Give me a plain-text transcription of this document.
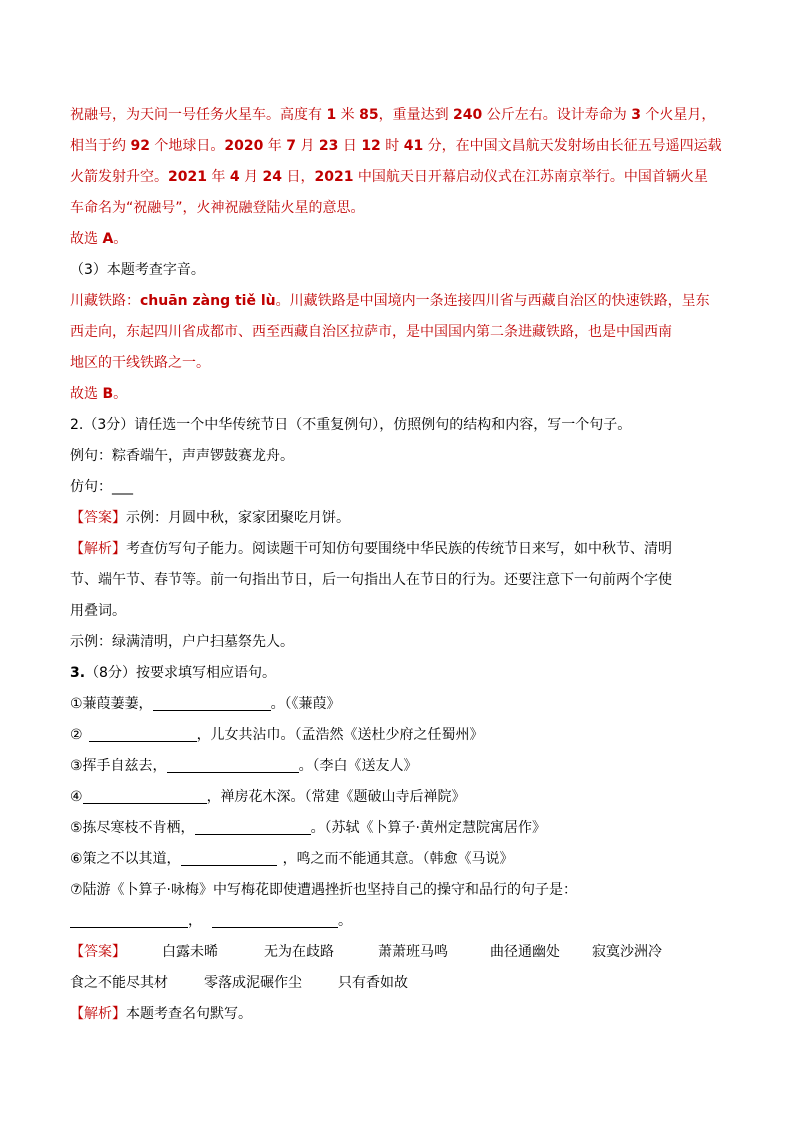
祝融号，为天问一号任务火星车。高度有 1 米 85，重量达到 240 公斤左右。设计寿命为 3 个火星月，
相当于约 92 个地球日。2020 年 7 月 23 日 12 时 41 分，在中国文昌航天发射场由长征五号遥四运载
火箭发射升空。2021 年 4 月 24 日，2021 中国航天日开幕启动仪式在江苏南京举行。中国首辆火星
车命名为“祝融号”，火神祝融登陆火星的意思。
故选 A。
（3）本题考查字音。
川藏铁路：chuān zàng tiě lù。川藏铁路是中国境内一条连接四川省与西藏自治区的快速铁路，呈东
西走向，东起四川省成都市、西至西藏自治区拉萨市，是中国国内第二条进藏铁路，也是中国西南
地区的干线铁路之一。
故选 B。
2.（3分）请任选一个中华传统节日（不重复例句），仿照例句的结构和内容，写一个句子。
例句：粽香端午，声声锣鼓赛龙舟。
仿句：___
【答案】示例：月圆中秋，家家团聚吃月饼。
【解析】考查仿写句子能力。阅读题干可知仿句要围绕中华民族的传统节日来写，如中秋节、清明
节、端午节、春节等。前一句指出节日，后一句指出人在节日的行为。还要注意下一句前两个字使
用叠词。
示例：绿满清明，户户扫墓祭先人。
3.（8分）按要求填写相应语句。
①蒹葭萋萋，	。（《蒹葭》
②	，儿女共沾巾。（孟浩然《送杜少府之任蜀州》
③挥手自兹去，	。（李白《送友人》
④	，禅房花木深。（常建《题破山寺后禅院》
⑤拣尽寒枝不肯栖，	。（苏轼《卜算子·黄州定慧院寓居作》
⑥策之不以其道，	，鸣之而不能通其意。（韩愈《马说》
⑦陆游《卜算子·咏梅》中写梅花即使遭遇挫折也坚持自己的操守和品行的句子是：
，	。
【答案】	白露未晞	无为在歧路	萧萧班马鸣	曲径通幽处 寂寞沙洲冷
食之不能尽其材	零落成泥碾作尘	只有香如故
【解析】本题考查名句默写。
